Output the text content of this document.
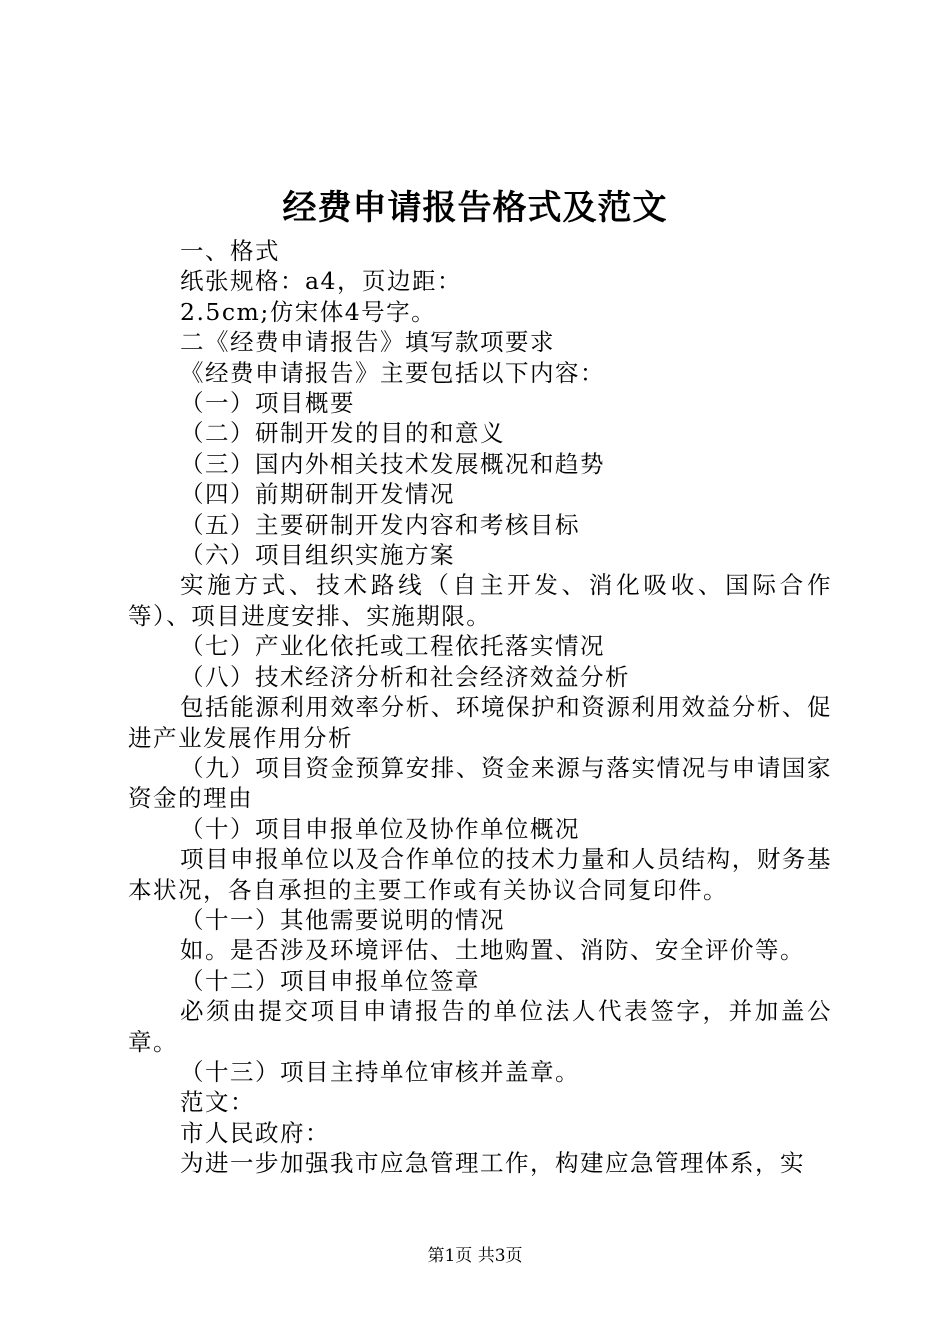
经费申请报告格式及范文
一、格式
纸张规格：a4，页边距：
2.5cm;仿宋体4号字。
二《经费申请报告》填写款项要求
《经费申请报告》主要包括以下内容：
（一）项目概要
（二）研制开发的目的和意义
（三）国内外相关技术发展概况和趋势
（四）前期研制开发情况
（五）主要研制开发内容和考核目标
（六）项目组织实施方案

实施方式、技术路线（自主开发、消化吸收、国际合作等）、项目进度安排、实施期限。

（七）产业化依托或工程依托落实情况
（八）技术经济分析和社会经济效益分析

包括能源利用效率分析、环境保护和资源利用效益分析、促进产业发展作用分析

（九）项目资金预算安排、资金来源与落实情况与申请国家资金的理由

（十）项目申报单位及协作单位概况

项目申报单位以及合作单位的技术力量和人员结构，财务基本状况，各自承担的主要工作或有关协议合同复印件。

（十一）其他需要说明的情况
如。是否涉及环境评估、土地购置、消防、安全评价等。
（十二）项目申报单位签章

必须由提交项目申请报告的单位法人代表签字，并加盖公章。

（十三）项目主持单位审核并盖章。
范文：
市人民政府：
为进一步加强我市应急管理工作，构建应急管理体系，实
第1页 共3页
